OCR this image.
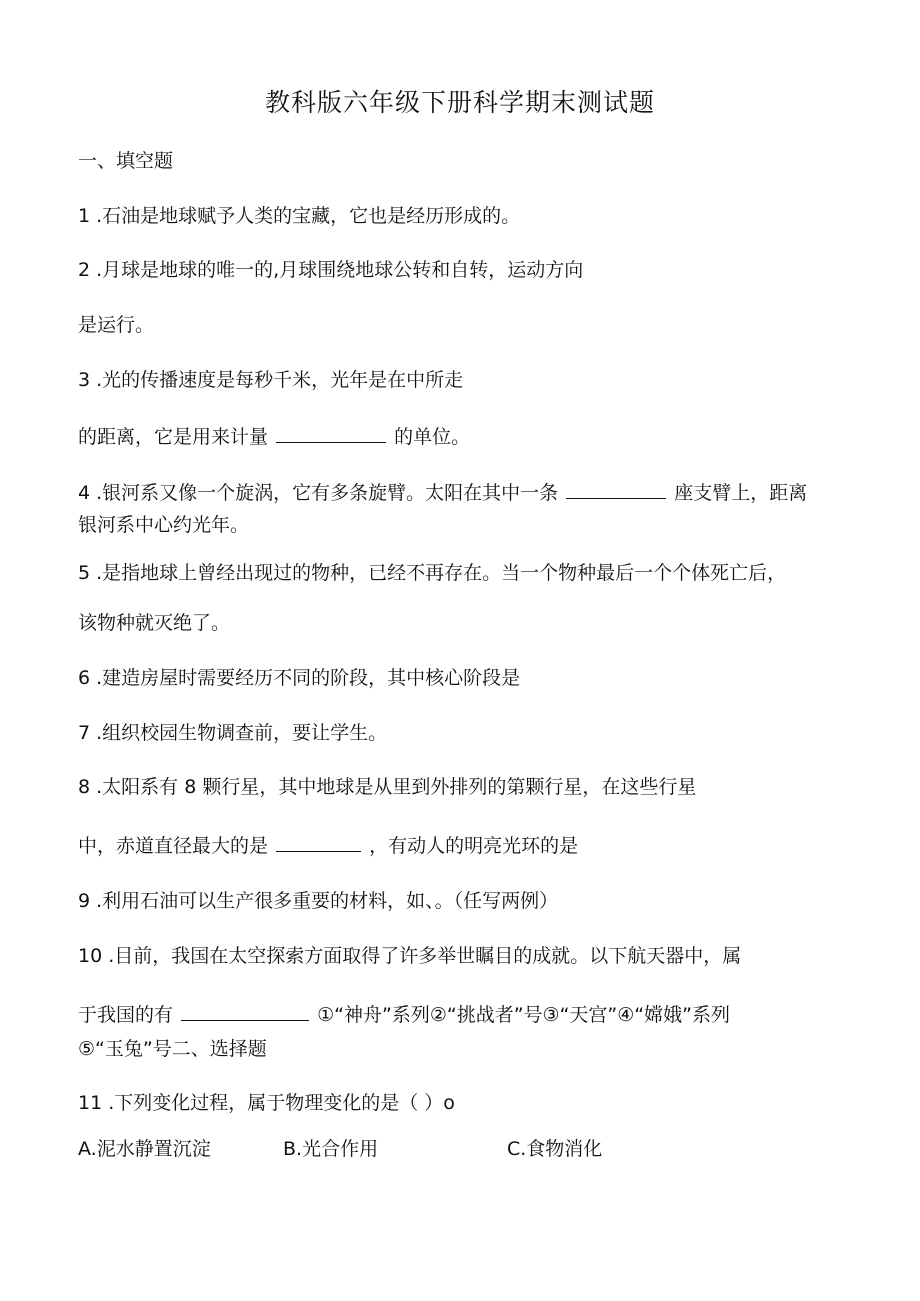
教科版六年级下册科学期末测试题
一、填空题
1 .石油是地球赋予人类的宝藏，它也是经历形成的。
2 .月球是地球的唯一的,月球围绕地球公转和自转，运动方向
是运行。
3 .光的传播速度是每秒千米，光年是在中所走
的距离，它是用来计量	的单位。
4 .银河系又像一个旋涡，它有多条旋臂。太阳在其中一条	座支臂上，距离
银河系中心约光年。
5 .是指地球上曾经出现过的物种，已经不再存在。当一个物种最后一个个体死亡后，
该物种就灭绝了。
6 .建造房屋时需要经历不同的阶段，其中核心阶段是
7 .组织校园生物调查前，要让学生。
8 .太阳系有 8 颗行星，其中地球是从里到外排列的第颗行星，在这些行星
中，赤道直径最大的是	，有动人的明亮光环的是
9 .利用石油可以生产很多重要的材料，如、。（任写两例）
10 .目前，我国在太空探索方面取得了许多举世瞩目的成就。以下航天器中，属
于我国的有	①“神舟”系列②“挑战者”号③“天宫”④“嫦娥”系列
⑤“玉兔”号二、选择题
11 .下列变化过程，属于物理变化的是（ ）o
A.泥水静置沉淀	B.光合作用	C.食物消化
